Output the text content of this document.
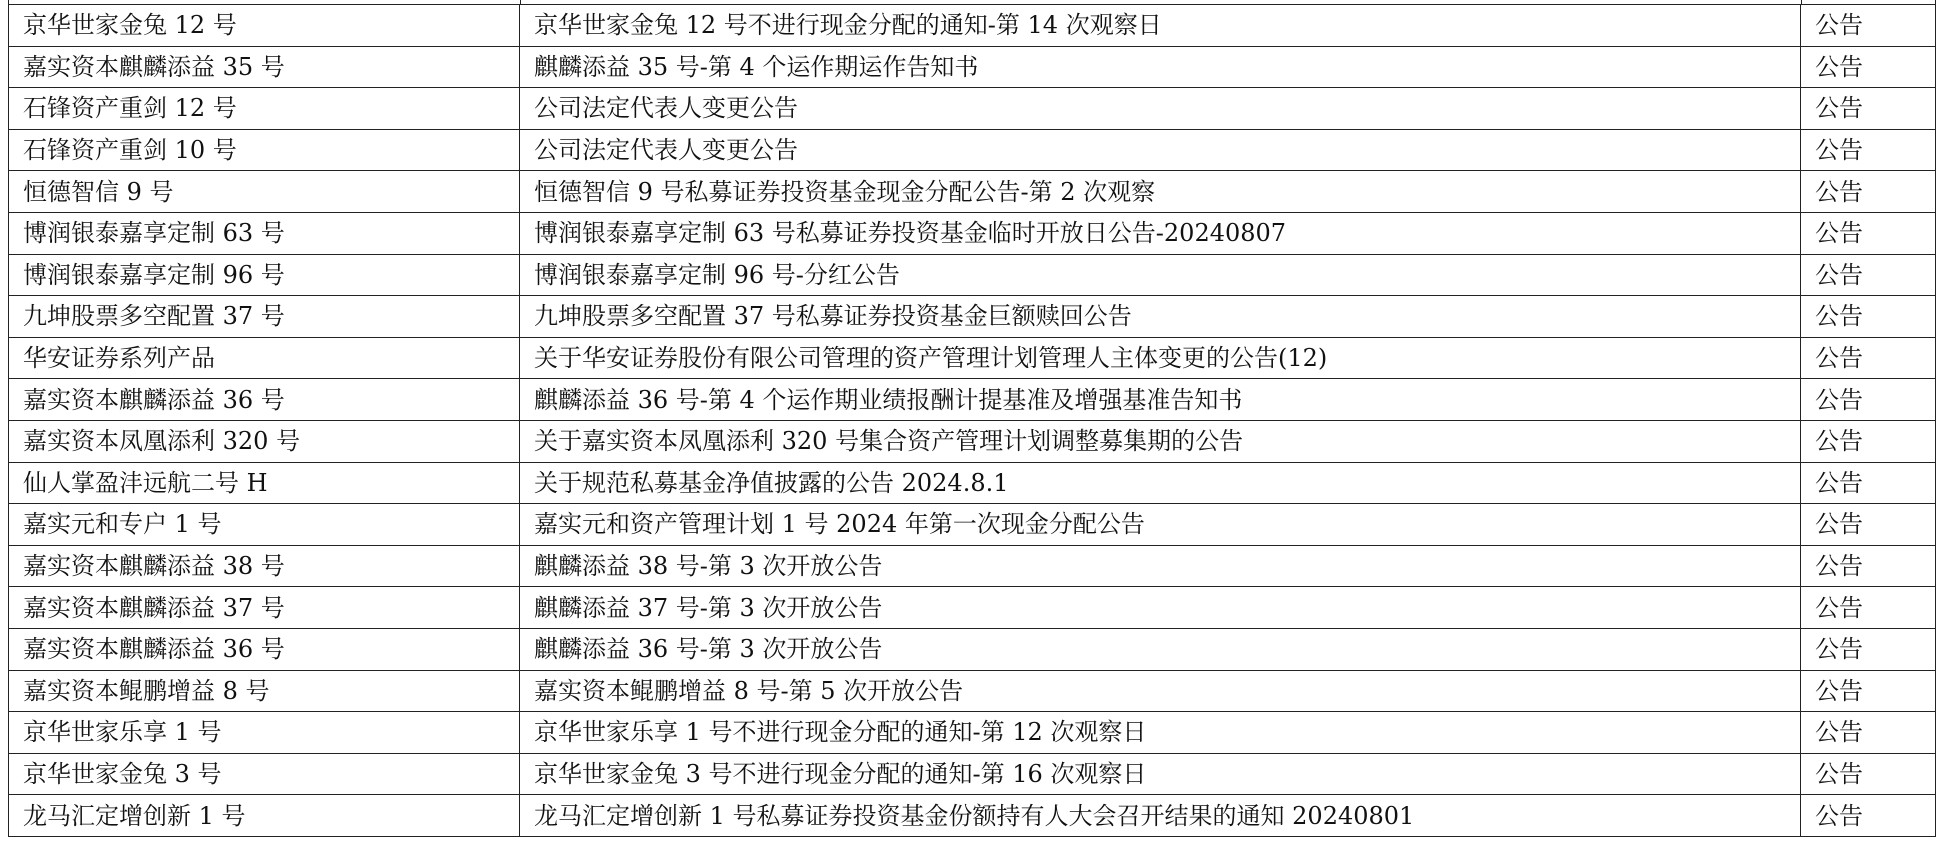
京华世家金兔 12 号	京华世家金兔 12 号不进行现金分配的通知-第 14 次观察日	公告
嘉实资本麒麟添益 35 号	麒麟添益 35 号-第 4 个运作期运作告知书	公告
石锋资产重剑 12 号	公司法定代表人变更公告	公告
石锋资产重剑 10 号	公司法定代表人变更公告	公告
恒德智信 9 号	恒德智信 9 号私募证券投资基金现金分配公告-第 2 次观察	公告
博润银泰嘉享定制 63 号	博润银泰嘉享定制 63 号私募证券投资基金临时开放日公告-20240807	公告
博润银泰嘉享定制 96 号	博润银泰嘉享定制 96 号-分红公告	公告
九坤股票多空配置 37 号	九坤股票多空配置 37 号私募证券投资基金巨额赎回公告	公告
华安证券系列产品	关于华安证券股份有限公司管理的资产管理计划管理人主体变更的公告(12)	公告
嘉实资本麒麟添益 36 号	麒麟添益 36 号-第 4 个运作期业绩报酬计提基准及增强基准告知书	公告
嘉实资本凤凰添利 320 号	关于嘉实资本凤凰添利 320 号集合资产管理计划调整募集期的公告	公告
仙人掌盈沣远航二号 H	关于规范私募基金净值披露的公告 2024.8.1	公告
嘉实元和专户 1 号	嘉实元和资产管理计划 1 号 2024 年第一次现金分配公告	公告
嘉实资本麒麟添益 38 号	麒麟添益 38 号-第 3 次开放公告	公告
嘉实资本麒麟添益 37 号	麒麟添益 37 号-第 3 次开放公告	公告
嘉实资本麒麟添益 36 号	麒麟添益 36 号-第 3 次开放公告	公告
嘉实资本鲲鹏增益 8 号	嘉实资本鲲鹏增益 8 号-第 5 次开放公告	公告
京华世家乐享 1 号	京华世家乐享 1 号不进行现金分配的通知-第 12 次观察日	公告
京华世家金兔 3 号	京华世家金兔 3 号不进行现金分配的通知-第 16 次观察日	公告
龙马汇定增创新 1 号	龙马汇定增创新 1 号私募证券投资基金份额持有人大会召开结果的通知 20240801	公告
